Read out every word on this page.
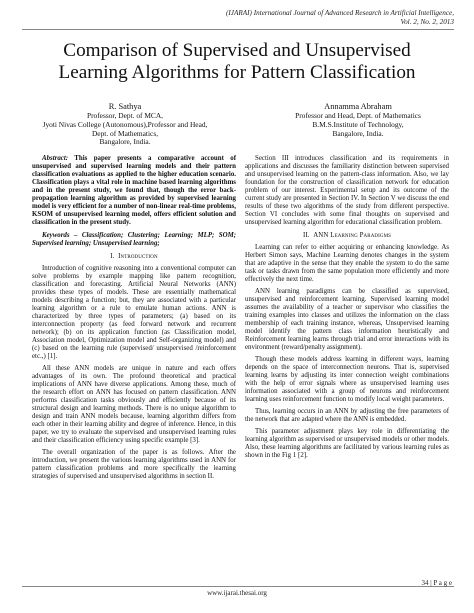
(IJARAI) International Journal of Advanced Research in Artificial Intelligence,
Vol. 2, No. 2, 2013
Comparison of Supervised and Unsupervised
Learning Algorithms for Pattern Classification
R. Sathya
Professor, Dept. of MCA,
Jyoti Nivas College (Autonomous),Professor and Head,
Dept. of Mathematics,
Bangalore, India.
Annamma Abraham
Professor and Head, Dept. of Mathematics
B.M.S.Institute of Technology,
Bangalore, India.

Abstract: This paper presents a comparative account of unsupervised and supervised learning models and their pattern classification evaluations as applied to the higher education scenario. Classification plays a vital role in machine based learning algorithms and in the present study, we found that, though the error back-propagation learning algorithm as provided by supervised learning model is very efficient for a number of non-linear real-time problems, KSOM of unsupervised learning model, offers efficient solution and classification in the present study.

Keywords – Classification; Clustering; Learning; MLP; SOM; Supervised learning; Unsupervised learning;

I. Introduction

Introduction of cognitive reasoning into a conventional computer can solve problems by example mapping like pattern recognition, classification and forecasting. Artificial Neural Networks (ANN) provides these types of models. These are essentially mathematical models describing a function; but, they are associated with a particular learning algorithm or a rule to emulate human actions. ANN is characterized by three types of parameters; (a) based on its interconnection property (as feed forward network and recurrent network); (b) on its application function (as Classification model, Association model, Optimization model and Self-organizing model) and (c) based on the learning rule (supervised/ unsupervised /reinforcement etc.,) [1].

All these ANN models are unique in nature and each offers advantages of its own. The profound theoretical and practical implications of ANN have diverse applications. Among these, much of the research effort on ANN has focused on pattern classification. ANN performs classification tasks obviously and efficiently because of its structural design and learning methods. There is no unique algorithm to design and train ANN models because, learning algorithm differs from each other in their learning ability and degree of inference. Hence, in this paper, we try to evaluate the supervised and unsupervised learning rules and their classification efficiency using specific example [3].

The overall organization of the paper is as follows. After the introduction, we present the various learning algorithms used in ANN for pattern classification problems and more specifically the learning strategies of supervised and unsupervised algorithms in section II.

Section III introduces classification and its requirements in applications and discusses the familiarity distinction between supervised and unsupervised learning on the pattern-class information. Also, we lay foundation for the construction of classification network for education problem of our interest. Experimental setup and its outcome of the current study are presented in Section IV. In Section V we discuss the end results of these two algorithms of the study from different perspective. Section VI concludes with some final thoughts on supervised and unsupervised learning algorithm for educational classification problem.

II. ANN Learning Paradigms

Learning can refer to either acquiring or enhancing knowledge. As Herbert Simon says, Machine Learning denotes changes in the system that are adaptive in the sense that they enable the system to do the same task or tasks drawn from the same population more efficiently and more effectively the next time.

ANN learning paradigms can be classified as supervised, unsupervised and reinforcement learning. Supervised learning model assumes the availability of a teacher or supervisor who classifies the training examples into classes and utilizes the information on the class membership of each training instance, whereas, Unsupervised learning model identify the pattern class information heuristically and Reinforcement learning learns through trial and error interactions with its environment (reward/penalty assignment).

Though these models address learning in different ways, learning depends on the space of interconnection neurons. That is, supervised learning learns by adjusting its inter connection weight combinations with the help of error signals where as unsupervised learning uses information associated with a group of neurons and reinforcement learning uses reinforcement function to modify local weight parameters.

Thus, learning occurs in an ANN by adjusting the free parameters of the network that are adapted where the ANN is embedded.

This parameter adjustment plays key role in differentiating the learning algorithm as supervised or unsupervised models or other models. Also, these learning algorithms are facilitated by various learning rules as shown in the Fig 1 [2].

34 | P a g e
www.ijarai.thesai.org
